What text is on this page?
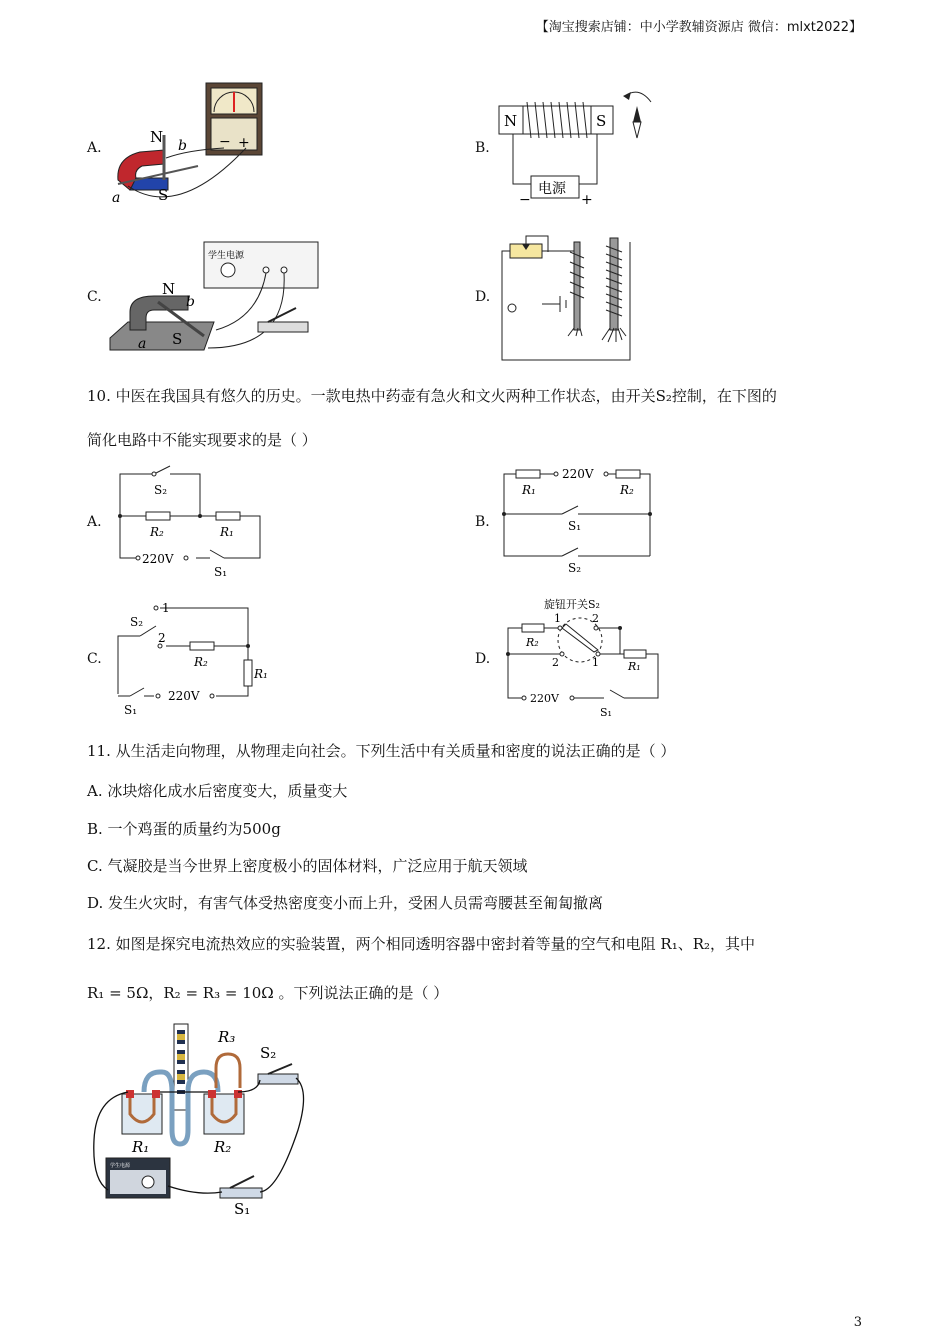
【淘宝搜索店铺：中小学教辅资源店 微信：mlxt2022】
A.	B.
C.	D.
− +
N
S
a
b
N	S
电源
−	+
学生电源
N
S
a
b
10. 中医在我国具有悠久的历史。一款电热中药壶有急火和文火两种工作状态，由开关S₂控制，在下图的
简化电路中不能实现要求的是（ ）
A.	B.
C.	D.
S₂
R₂	R₁
220V
S₁
220V
R₁	R₂
S₁
S₂
1
2
S₂
R₂
R₁
220V
S₁
旋钮开关S₂
1	2
2	1
R₂
R₁
220V
S₁
11. 从生活走向物理，从物理走向社会。下列生活中有关质量和密度的说法正确的是（ ）
A. 冰块熔化成水后密度变大，质量变大
B. 一个鸡蛋的质量约为500g
C. 气凝胶是当今世界上密度极小的固体材料，广泛应用于航天领域
D. 发生火灾时，有害气体受热密度变小而上升，受困人员需弯腰甚至匍匐撤离
12. 如图是探究电流热效应的实验装置，两个相同透明容器中密封着等量的空气和电阻 R₁、R₂，其中
R₁ = 5Ω，R₂ = R₃ = 10Ω 。下列说法正确的是（ ）
学生电源
R₃
S₂
R₁	R₂
S₁
3
